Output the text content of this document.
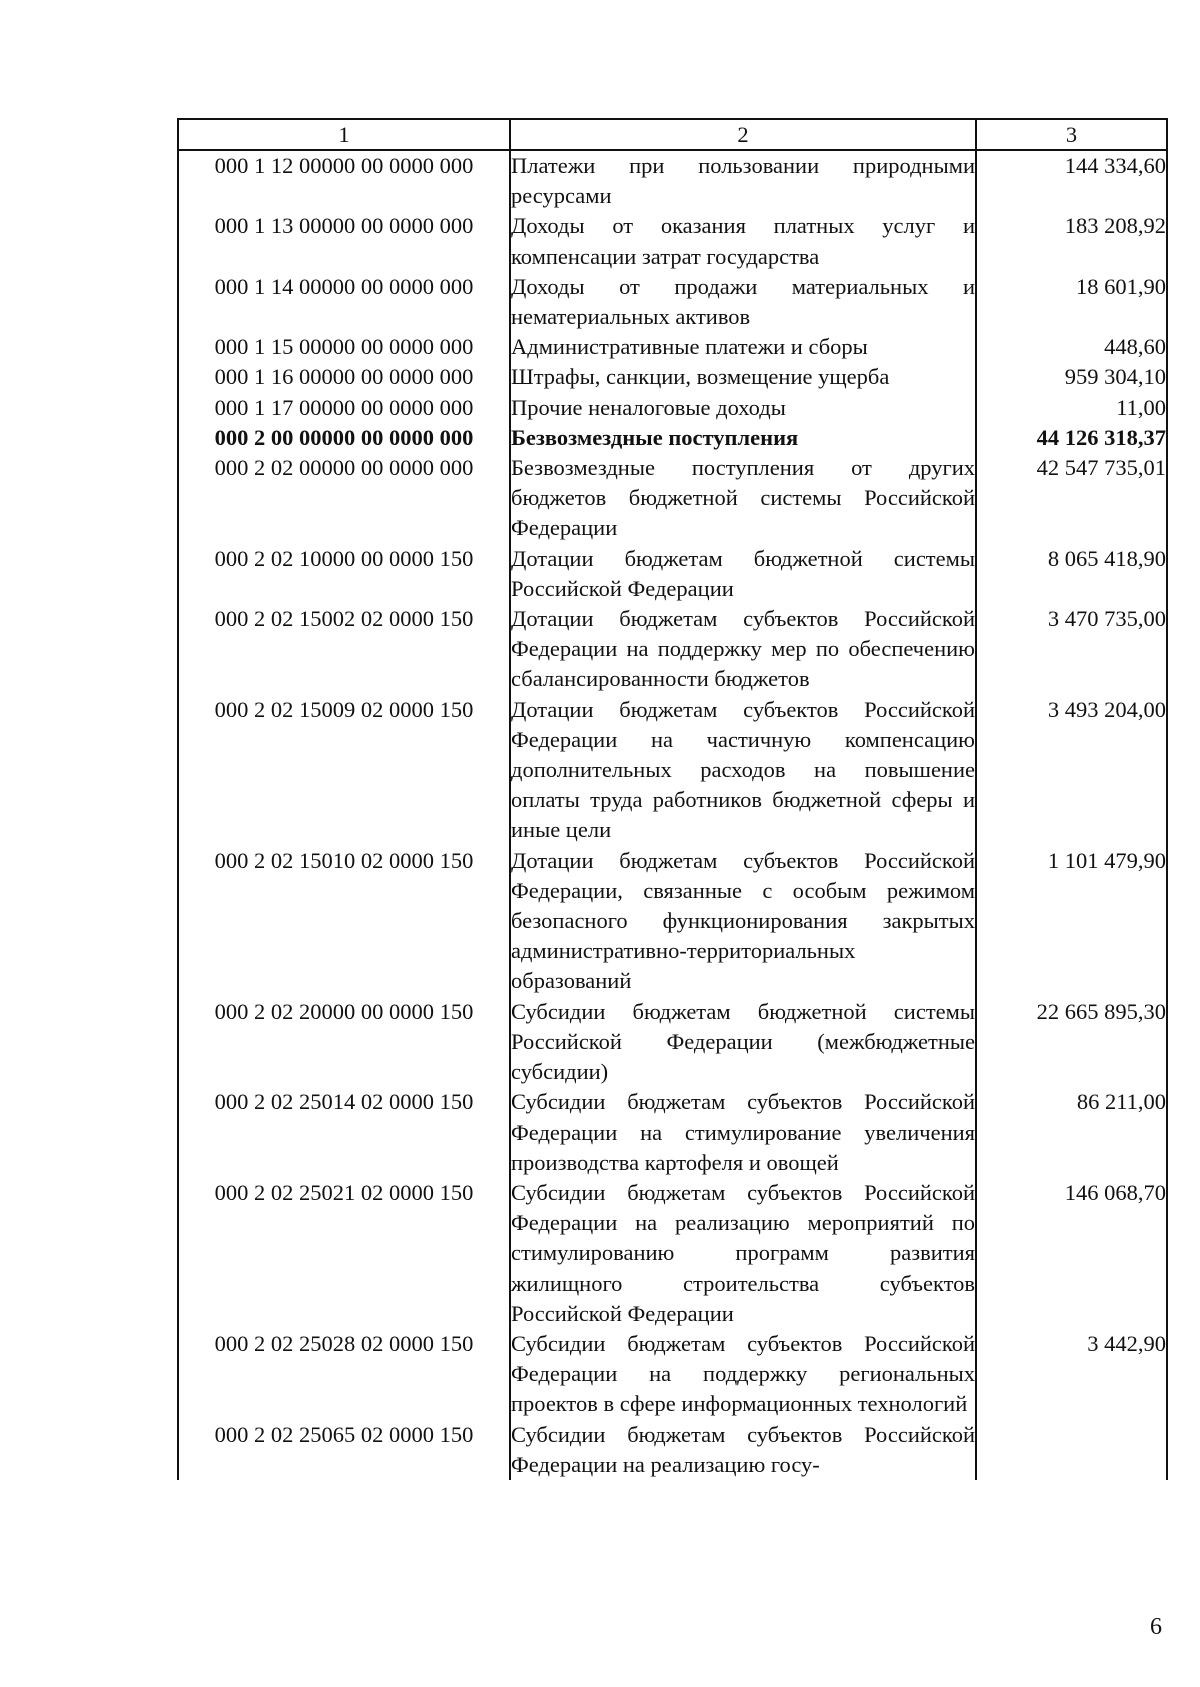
1	2	3
000 1 12 00000 00 0000 000	Платежи при пользовании природными ресурсами	144 334,60
000 1 13 00000 00 0000 000	Доходы от оказания платных услуг и компенсации затрат государства	183 208,92
000 1 14 00000 00 0000 000	Доходы от продажи материальных и нематериальных активов	18 601,90
000 1 15 00000 00 0000 000	Административные платежи и сборы	448,60
000 1 16 00000 00 0000 000	Штрафы, санкции, возмещение ущерба	959 304,10
000 1 17 00000 00 0000 000	Прочие неналоговые доходы	11,00
000 2 00 00000 00 0000 000	Безвозмездные поступления	44 126 318,37
000 2 02 00000 00 0000 000	Безвозмездные поступления от других бюджетов бюджетной системы Российской Федерации	42 547 735,01
000 2 02 10000 00 0000 150	Дотации бюджетам бюджетной системы Российской Федерации	8 065 418,90
000 2 02 15002 02 0000 150	Дотации бюджетам субъектов Российской Федерации на поддержку мер по обеспечению сбалансированности бюджетов	3 470 735,00
000 2 02 15009 02 0000 150	Дотации бюджетам субъектов Российской Федерации на частичную компенсацию дополнительных расходов на повышение оплаты труда работников бюджетной сферы и иные цели	3 493 204,00
000 2 02 15010 02 0000 150	Дотации бюджетам субъектов Российской Федерации, связанные с особым режимом безопасного функционирования закрытых административно-территориальных образований	1 101 479,90
000 2 02 20000 00 0000 150	Субсидии бюджетам бюджетной системы Российской Федерации (межбюджетные субсидии)	22 665 895,30
000 2 02 25014 02 0000 150	Субсидии бюджетам субъектов Российской Федерации на стимулирование увеличения производства картофеля и овощей	86 211,00
000 2 02 25021 02 0000 150	Субсидии бюджетам субъектов Российской Федерации на реализацию мероприятий по стимулированию программ развития жилищного строительства субъектов Российской Федерации	146 068,70
000 2 02 25028 02 0000 150	Субсидии бюджетам субъектов Российской Федерации на поддержку региональных проектов в сфере информационных технологий	3 442,90
000 2 02 25065 02 0000 150	Субсидии бюджетам субъектов Российской Федерации на реализацию госу-	
6
